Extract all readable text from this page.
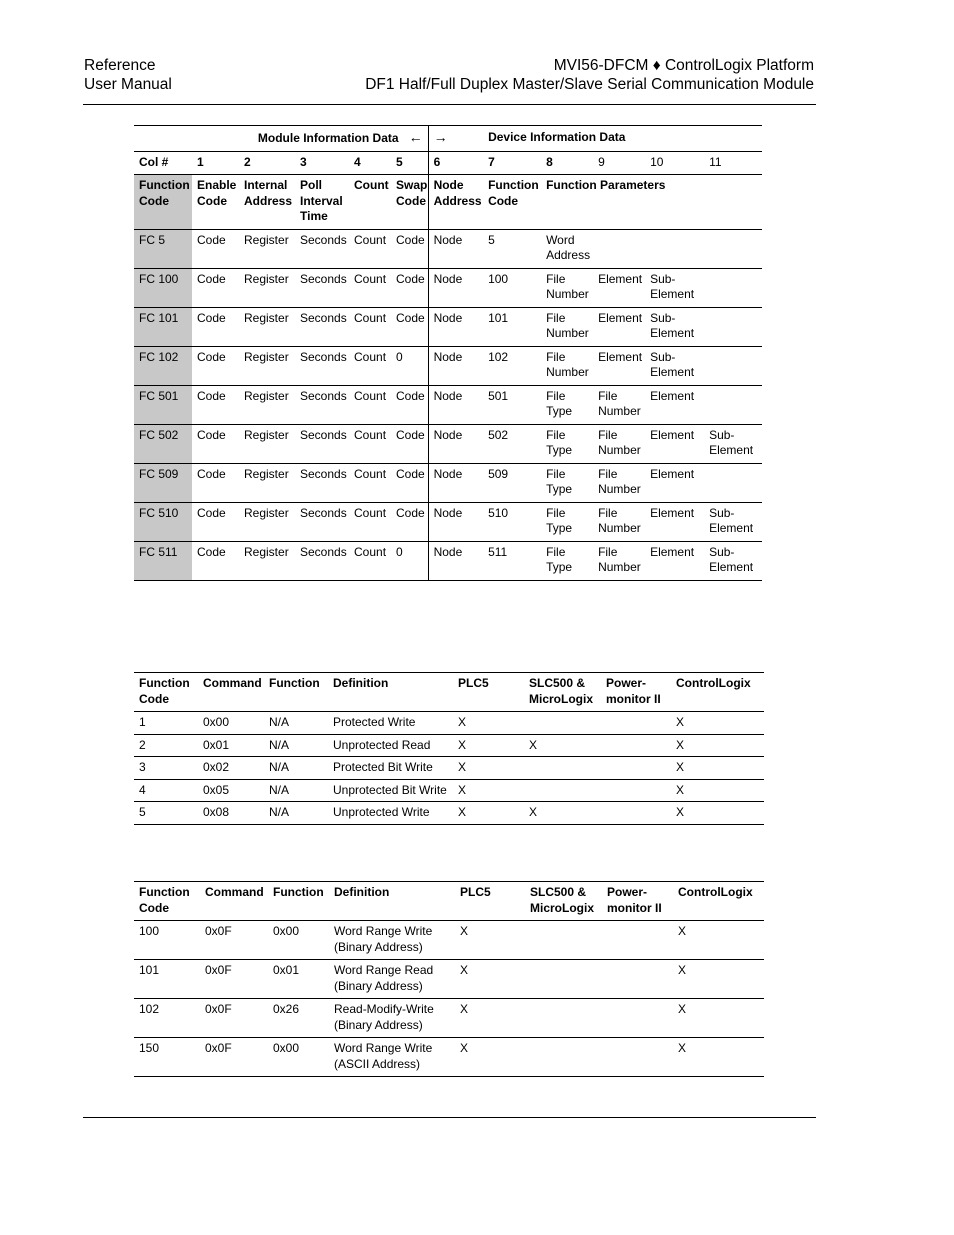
Reference
User Manual
MVI56-DFCM ♦ ControlLogix Platform
DF1 Half/Full Duplex Master/Slave Serial Communication Module
Module Information Data ←						→	Device Information Data				
Col #	1	2	3	4	5	6	7	8	9	10	11
Function Code	Enable Code	Internal Address	Poll Interval Time	Count	Swap Code	Node Address	Function Code	Function Parameters			
FC 5	Code	Register	Seconds	Count	Code	Node	5	Word Address			
FC 100	Code	Register	Seconds	Count	Code	Node	100	File Number	Element	Sub-Element	
FC 101	Code	Register	Seconds	Count	Code	Node	101	File Number	Element	Sub-Element	
FC 102	Code	Register	Seconds	Count	0	Node	102	File Number	Element	Sub-Element	
FC 501	Code	Register	Seconds	Count	Code	Node	501	File Type	File Number	Element	
FC 502	Code	Register	Seconds	Count	Code	Node	502	File Type	File Number	Element	Sub-Element
FC 509	Code	Register	Seconds	Count	Code	Node	509	File Type	File Number	Element	
FC 510	Code	Register	Seconds	Count	Code	Node	510	File Type	File Number	Element	Sub-Element
FC 511	Code	Register	Seconds	Count	0	Node	511	File Type	File Number	Element	Sub-Element
Function Code	Command	Function	Definition	PLC5	SLC500 & MicroLogix	Power-monitor II	ControlLogix
1	0x00	N/A	Protected Write	X			X
2	0x01	N/A	Unprotected Read	X	X		X
3	0x02	N/A	Protected Bit Write	X			X
4	0x05	N/A	Unprotected Bit Write	X			X
5	0x08	N/A	Unprotected Write	X	X		X
Function Code	Command	Function	Definition	PLC5	SLC500 & MicroLogix	Power-monitor II	ControlLogix
100	0x0F	0x00	Word Range Write (Binary Address)	X			X
101	0x0F	0x01	Word Range Read (Binary Address)	X			X
102	0x0F	0x26	Read-Modify-Write (Binary Address)	X			X
150	0x0F	0x00	Word Range Write (ASCII Address)	X			X
